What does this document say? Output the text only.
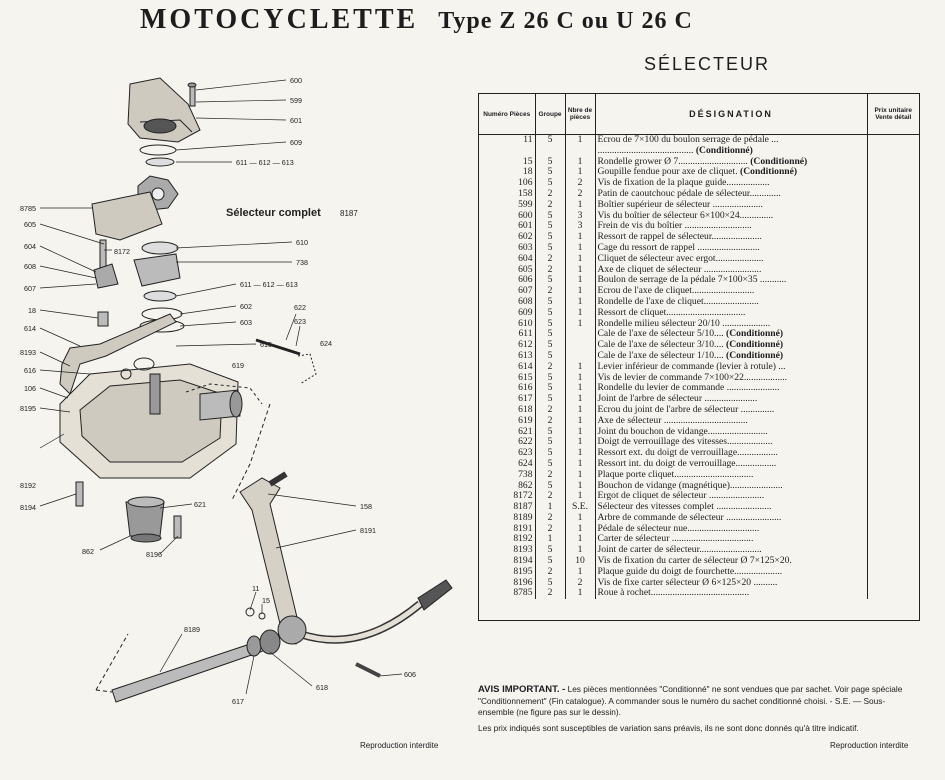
MOTOCYCLETTE Type Z 26 C ou U 26 C
SÉLECTEUR
600
599
601
609
611 — 612 — 613
8785
605
8172
604
608
607
18
614
8193
616
106
8195
610
738
611 — 612 — 613
602
603
615
622
623
624
619
8192
8194
862
621
8196
158
8191
11
15
8189
617
618
606
Sélecteur complet 8187
Reproduction interdite
Numéro Pièces	Groupe	Nbre de pièces	DÉSIGNATION	Prix unitaire Vente détail
11	5	1	Ecrou de 7×100 du boulon serrage de pédale ...	
			........................................ (Conditionné)	
15	5	1	Rondelle grower Ø 7............................. (Conditionné)	
18	5	1	Goupille fendue pour axe de cliquet. (Conditionné)	
106	5	2	Vis de fixation de la plaque guide..................	
158	2	2	Patin de caoutchouc pédale de sélecteur.............	
599	2	1	Boîtier supérieur de sélecteur .....................	
600	5	3	Vis du boîtier de sélecteur 6×100×24..............	
601	5	3	Frein de vis du boîtier ............................	
602	5	1	Ressort de rappel de sélecteur.....................	
603	5	1	Cage du ressort de rappel ..........................	
604	2	1	Cliquet de sélecteur avec ergot....................	
605	2	1	Axe de cliquet de sélecteur ........................	
606	5	1	Boulon de serrage de la pédale 7×100×35 ...........	
607	2	1	Ecrou de l'axe de cliquet..........................	
608	5	1	Rondelle de l'axe de cliquet.......................	
609	5	1	Ressort de cliquet.................................	
610	5	1	Rondelle milieu sélecteur 20/10 ....................	
611	5		Cale de l'axe de sélecteur 5/10.... (Conditionné)	
612	5		Cale de l'axe de sélecteur 3/10.... (Conditionné)	
613	5		Cale de l'axe de sélecteur 1/10.... (Conditionné)	
614	2	1	Levier inférieur de commande (levier à rotule) ...	
615	5	1	Vis de levier de commande 7×100×22..................	
616	5	1	Rondelle du levier de commande ......................	
617	5	1	Joint de l'arbre de sélecteur ......................	
618	2	1	Ecrou du joint de l'arbre de sélecteur ..............	
619	2	1	Axe de sélecteur ...................................	
621	5	1	Joint du bouchon de vidange.........................	
622	5	1	Doigt de verrouillage des vitesses...................	
623	5	1	Ressort ext. du doigt de verrouillage.................	
624	5	1	Ressort int. du doigt de verrouillage.................	
738	2	1	Plaque porte cliquet.................................	
862	5	1	Bouchon de vidange (magnétique)......................	
8172	2	1	Ergot de cliquet de sélecteur .......................	
8187	1	S.E.	Sélecteur des vitesses complet .......................	
8189	2	1	Arbre de commande de sélecteur .......................	
8191	2	1	Pédale de sélecteur nue..............................	
8192	1	1	Carter de sélecteur ..................................	
8193	5	1	Joint de carter de sélecteur..........................	
8194	5	10	Vis de fixation du carter de sélecteur Ø 7×125×20.	
8195	2	1	Plaque guide du doigt de fourchette....................	
8196	5	2	Vis de fixe carter sélecteur Ø 6×125×20 ..........	
8785	2	1	Roue à rochet.........................................	

AVIS IMPORTANT. - Les pièces mentionnées "Conditionné" ne sont vendues que par sachet. Voir page spéciale "Conditionnement" (Fin catalogue). A commander sous le numéro du sachet conditionné choisi. - S.E. — Sous-ensemble (ne figure pas sur le dessin).

Les prix indiqués sont susceptibles de variation sans préavis, ils ne sont donc donnés qu'à titre indicatif.

Reproduction interdite
